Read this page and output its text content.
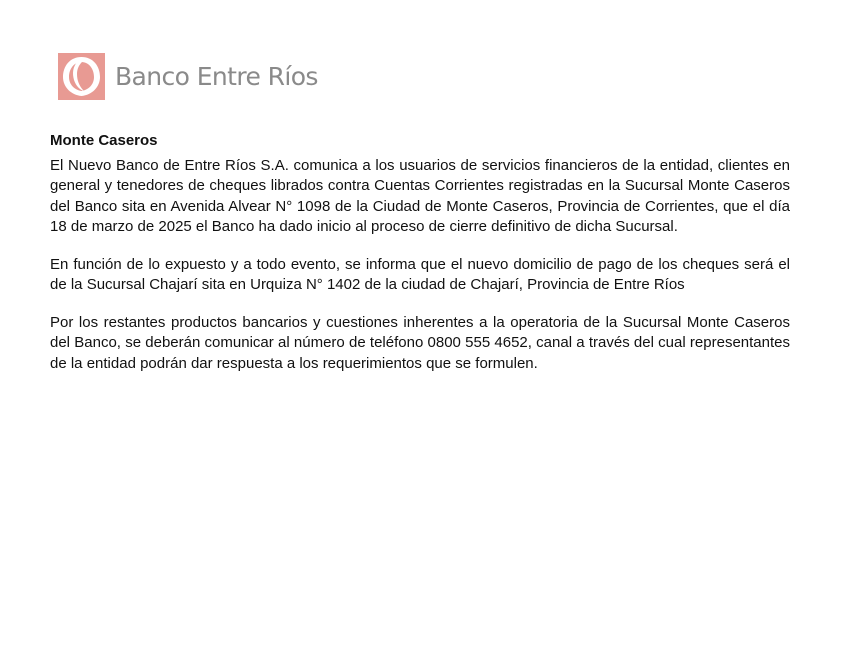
Banco Entre Ríos

Monte Caseros

El Nuevo Banco de Entre Ríos S.A. comunica a los usuarios de servicios financieros de la entidad, clientes en general y tenedores de cheques librados contra Cuentas Corrientes registradas en la Sucursal Monte Caseros del Banco sita en Avenida Alvear N° 1098 de la Ciudad de Monte Caseros, Provincia de Corrientes, que el día 18 de marzo de 2025 el Banco ha dado inicio al proceso de cierre definitivo de dicha Sucursal.

En función de lo expuesto y a todo evento, se informa que el nuevo domicilio de pago de los cheques será el de la Sucursal Chajarí sita en Urquiza N° 1402 de la ciudad de Chajarí, Provincia de Entre Ríos

Por los restantes productos bancarios y cuestiones inherentes a la operatoria de la Sucursal Monte Caseros del Banco, se deberán comunicar al número de teléfono 0800 555 4652, canal a través del cual representantes de la entidad podrán dar respuesta a los requerimientos que se formulen.
